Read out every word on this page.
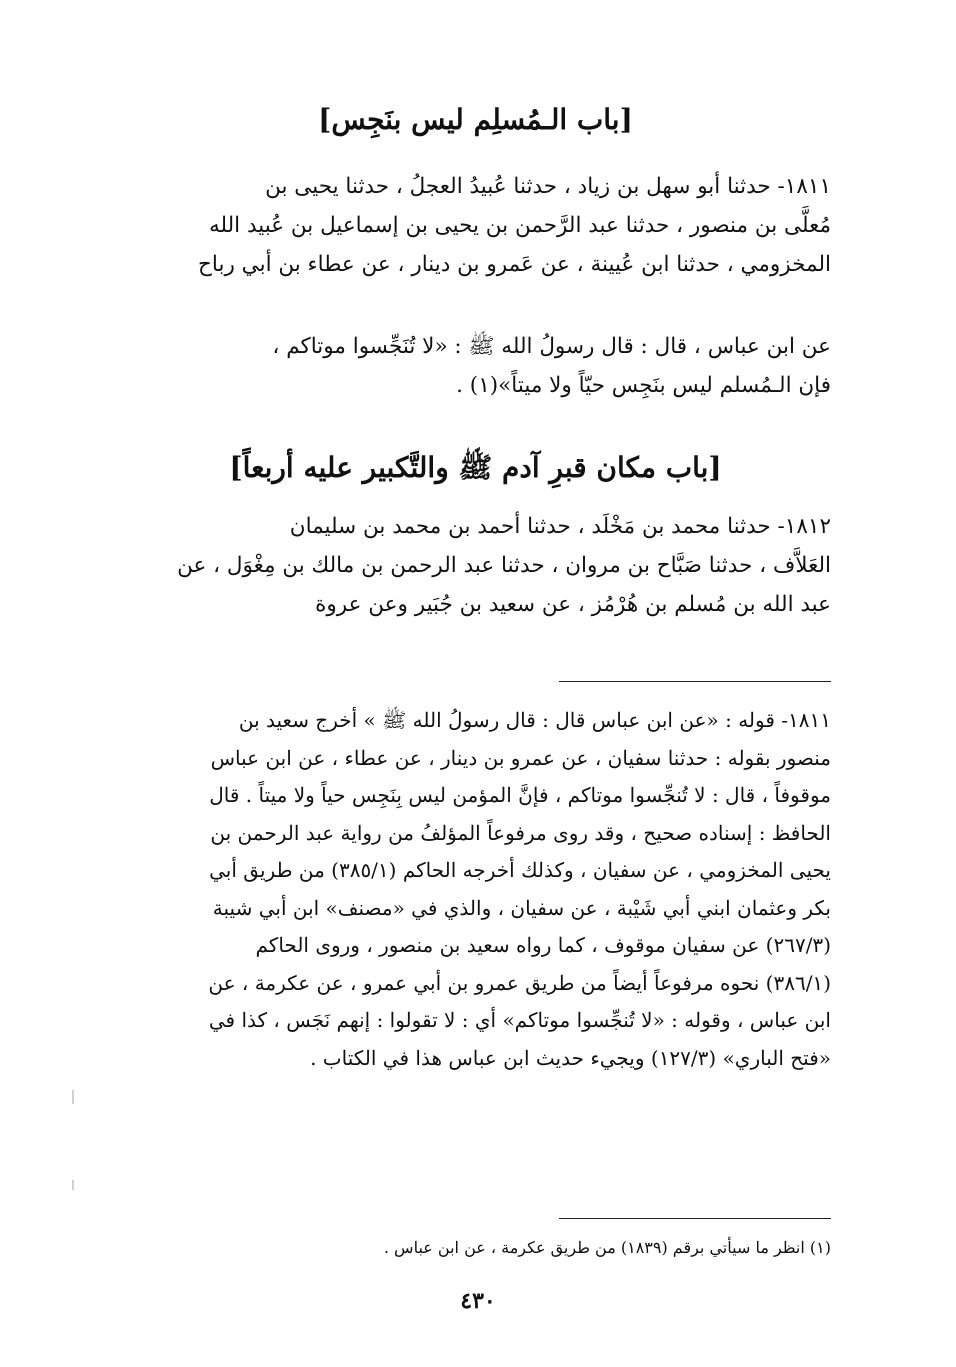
[باب الـمُسلِم ليس بنَجِس]

١٨١١- حدثنا أبو سهل بن زياد ، حدثنا عُبيدُ العجلُ ، حدثنا يحيى بن

مُعلَّى بن منصور ، حدثنا عبد الرَّحمن بن يحيى بن إسماعيل بن عُبيد الله

المخزومي ، حدثنا ابن عُيينة ، عن عَمرو بن دينار ، عن عطاء بن أبي رباح

عن ابن عباس ، قال : قال رسولُ الله ﷺ : «لا تُنَجِّسوا موتاكم ،

فإن الـمُسلم ليس بنَجِس حيّاً ولا ميتاً»(١) .

[باب مكان قبرِ آدم ﷺ والتَّكبير عليه أربعاً]

١٨١٢- حدثنا محمد بن مَخْلَد ، حدثنا أحمد بن محمد بن سليمان

العَلاَّف ، حدثنا صَبَّاح بن مروان ، حدثنا عبد الرحمن بن مالك بن مِغْوَل ، عن

عبد الله بن مُسلم بن هُرْمُز ، عن سعيد بن جُبَير وعن عروة

١٨١١- قوله : «عن ابن عباس قال : قال رسولُ الله ﷺ » أخرج سعيد بن

منصور بقوله : حدثنا سفيان ، عن عمرو بن دينار ، عن عطاء ، عن ابن عباس

موقوفاً ، قال : لا تُنجِّسوا موتاكم ، فإنَّ المؤمن ليس بِنَجِس حياً ولا ميتاً . قال

الحافظ : إسناده صحيح ، وقد روى مرفوعاً المؤلفُ من رواية عبد الرحمن بن

يحيى المخزومي ، عن سفيان ، وكذلك أخرجه الحاكم (٣٨٥/١) من طريق أبي

بكر وعثمان ابني أبي شَيْبة ، عن سفيان ، والذي في «مصنف» ابن أبي شيبة

(٢٦٧/٣) عن سفيان موقوف ، كما رواه سعيد بن منصور ، وروى الحاكم

(٣٨٦/١) نحوه مرفوعاً أيضاً من طريق عمرو بن أبي عمرو ، عن عكرمة ، عن

ابن عباس ، وقوله : «لا تُنجِّسوا موتاكم» أي : لا تقولوا : إنهم نَجَس ، كذا في

«فتح الباري» (١٢٧/٣) ويجيء حديث ابن عباس هذا في الكتاب .

(١) انظر ما سيأتي برقم (١٨٣٩) من طريق عكرمة ، عن ابن عباس .
٤٣٠
